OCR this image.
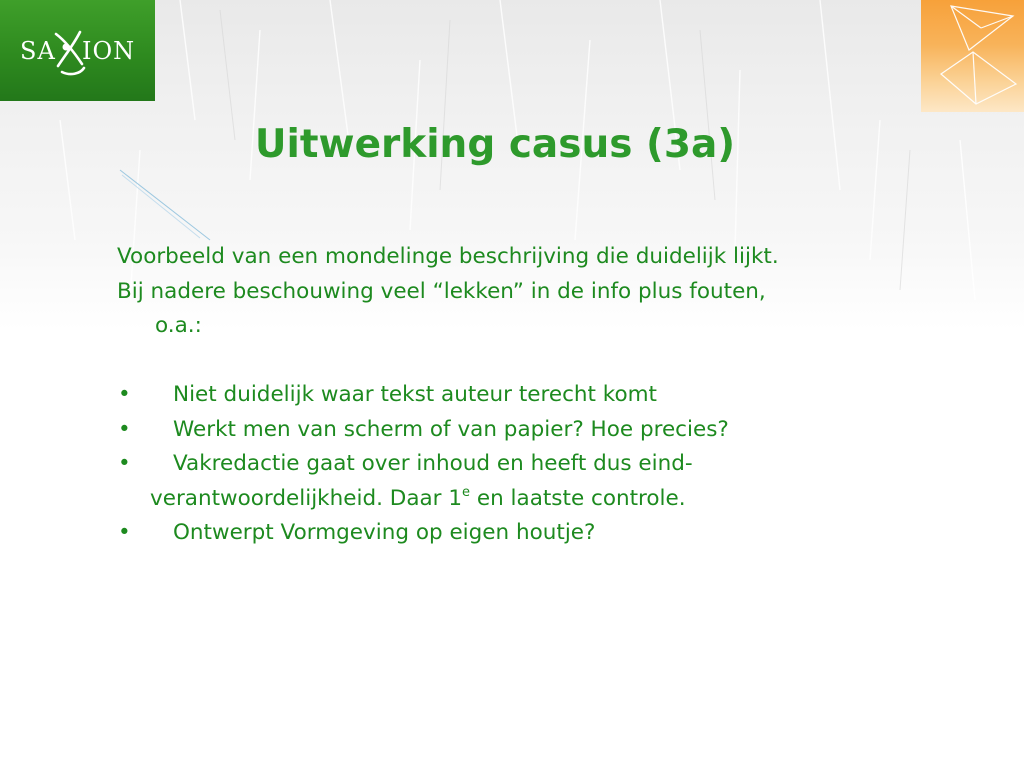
SA ION
Uitwerking casus (3a)

Voorbeeld van een mondelinge beschrijving die duidelijk lijkt.

Bij nadere beschouwing veel “lekken” in de info plus fouten,

o.a.:

• Niet duidelijk waar tekst auteur terecht komt

• Werkt men van scherm of van papier? Hoe precies?

• Vakredactie gaat over inhoud en heeft dus eind-

verantwoordelijkheid. Daar 1e en laatste controle.

• Ontwerpt Vormgeving op eigen houtje?
